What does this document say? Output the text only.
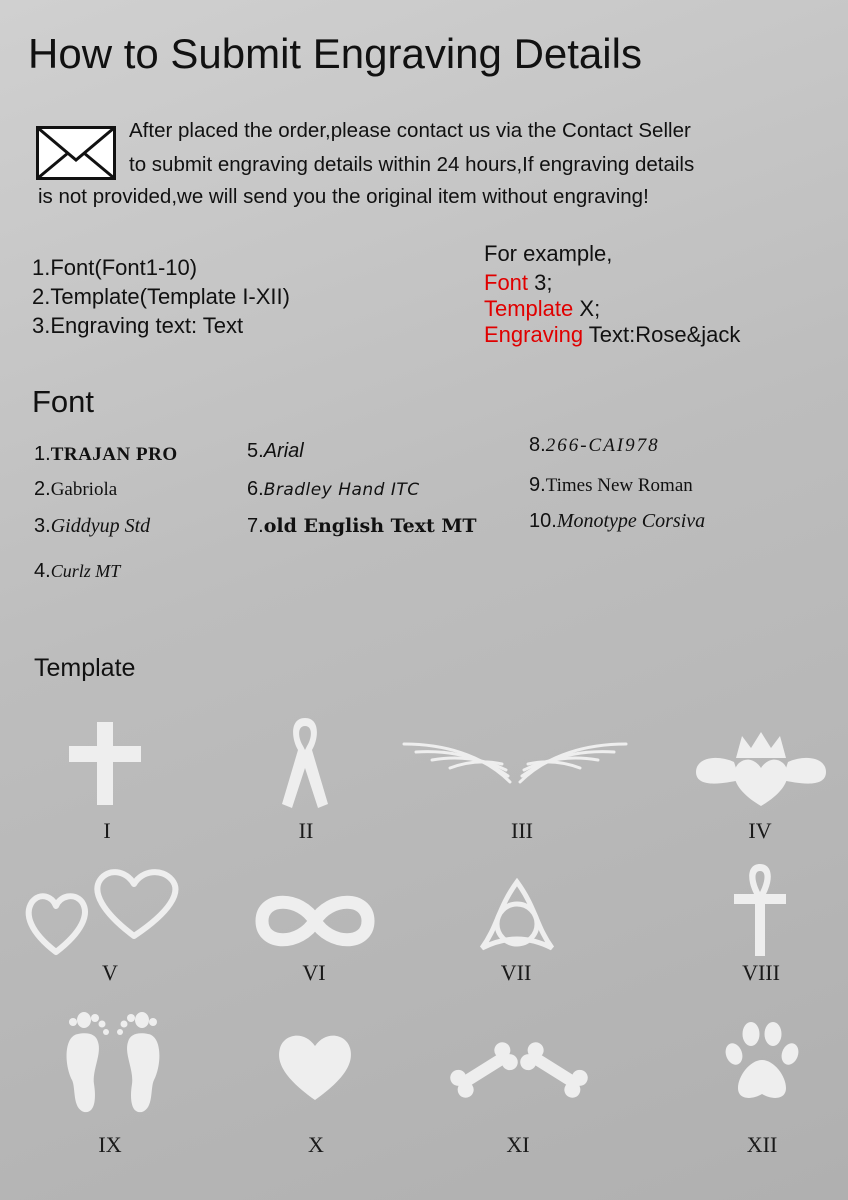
How to Submit Engraving Details
After placed the order,please contact us via the Contact Seller
to submit engraving details within 24 hours,If engraving details
is not provided,we will send you the original item without engraving!
1.Font(Font1-10)
2.Template(Template I-XII)
3.Engraving text: Text
For example,
Font 3;
Template X;
Engraving Text:Rose&jack
Font
1.TRAJAN PRO
2.Gabriola
3.Giddyup Std
4.Curlz MT
5.Arial
6.Bradley Hand ITC
7.old English Text MT
8.266-CAI978
9.Times New Roman
10.Monotype Corsiva
Template
I	II	III	IV
V	VI	VII	VIII
IX	X	XI	XII
